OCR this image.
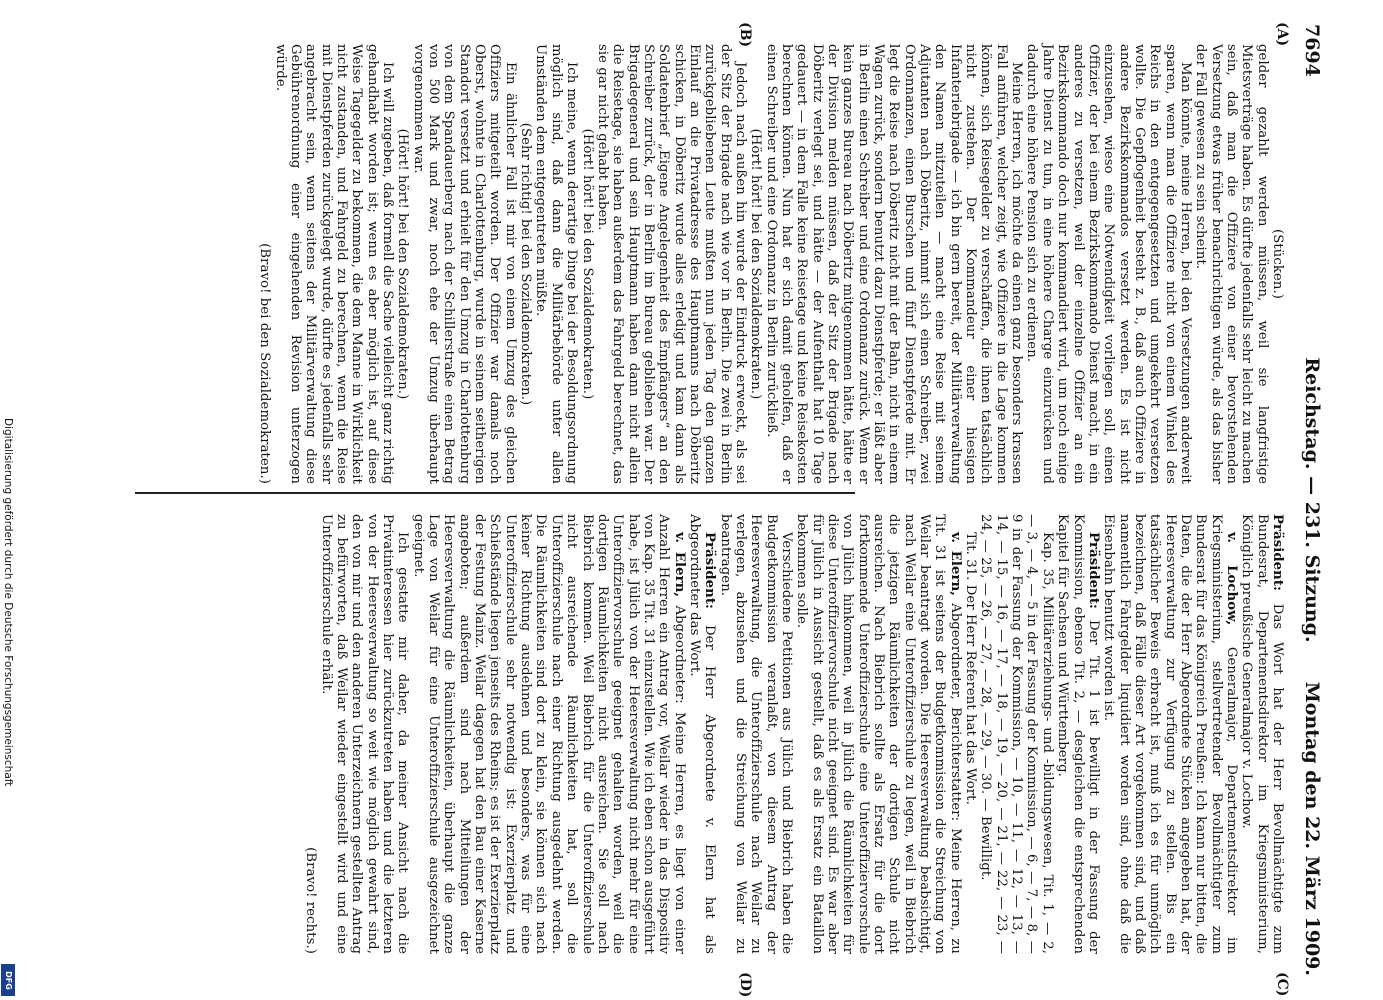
7694
Reichstag. — 231. Sitzung.
Montag den 22. März 1909.
(A)
(B)
(C)
(D)

(Stücken.)

gelder gezahlt werden müssen, weil sie langfristige Mietsverträge haben. Es dürfte jedenfalls sehr leicht zu machen sein, daß man die Offiziere von einer bevorstehenden Versetzung etwas früher benachrichtigen würde, als das bisher der Fall gewesen zu sein scheint.

Man könnte, meine Herren, bei den Versetzungen anderweit sparen, wenn man die Offiziere nicht von einem Winkel des Reichs in den entgegengesetzten und umgekehrt versetzen wollte. Die Gepflogenheit besteht z. B., daß auch Offiziere in andere Bezirkskommandos versetzt werden. Es ist nicht einzusehen, wieso eine Notwendigkeit vorliegen soll, einen Offizier, der bei einem Bezirkskommando Dienst macht, in ein anderes zu versetzen, weil der einzelne Offizier an ein Bezirkskommando doch nur kommandiert wird, um noch einige Jahre Dienst zu tun, in eine höhere Charge einzurücken und dadurch eine höhere Pension sich zu erdienen.

Meine Herren, ich möchte da einen ganz besonders krassen Fall anführen, welcher zeigt, wie Offiziere in die Lage kommen können, sich Reisegelder zu verschaffen, die ihnen tatsächlich nicht zustehen. Der Kommandeur einer hiesigen Infanteriebrigade — ich bin gern bereit, der Militärverwaltung den Namen mitzuteilen — macht eine Reise mit seinem Adjutanten nach Döberitz, nimmt sich einen Schreiber, zwei Ordonnanzen, einen Burschen und fünf Dienstpferde mit. Er legt die Reise nach Döberitz nicht mit der Bahn, nicht in einem Wagen zurück, sondern benutzt dazu Dienstpferde; er läßt aber in Berlin einen Schreiber und eine Ordonnanz zurück. Wenn er kein ganzes Bureau nach Döberitz mitgenommen hätte, hätte er der Division melden müssen, daß der Sitz der Brigade nach Döberitz verlegt sei, und hätte — der Aufenthalt hat 10 Tage gedauert — in dem Falle keine Reisetage und keine Reisekosten berechnen können. Nun hat er sich damit geholfen, daß er einen Schreiber und eine Ordonnanz in Berlin zurückließ.

(Hört! hört! bei den Sozialdemokraten.)

Jedoch nach außen hin wurde der Eindruck erweckt, als sei der Sitz der Brigade nach wie vor in Berlin. Die zwei in Berlin zurückgebliebenen Leute mußten nun jeden Tag den ganzen Einlauf an die Privatadresse des Hauptmanns nach Döberitz schicken, in Döberitz wurde alles erledigt und kam dann als Soldatenbrief „Eigene Angelegenheit des Empfängers“ an den Schreiber zurück, der in Berlin im Bureau geblieben war. Der Brigadegeneral und sein Hauptmann haben dann nicht allein die Reisetage, sie haben außerdem das Fahrgeld berechnet, das sie gar nicht gehabt haben.

(Hört! hört! bei den Sozialdemokraten.)

Ich meine, wenn derartige Dinge bei der Besoldungsordnung möglich sind, daß dann die Militärbehörde unter allen Umständen dem entgegentreten müßte.

(Sehr richtig! bei den Sozialdemokraten.)

Ein ähnlicher Fall ist mir von einem Umzug des gleichen Offiziers mitgeteilt worden. Der Offizier war damals noch Oberst, wohnte in Charlottenburg, wurde in seinem seitherigen Standort versetzt und erhielt für den Umzug in Charlottenburg von dem Spandauerberg nach der Schillerstraße einen Betrag von 500 Mark und zwar, noch ehe der Umzug überhaupt vorgenommen war.

(Hört! hört! bei den Sozialdemokraten.)

Ich will zugeben, daß formell die Sache vielleicht ganz richtig gehandhabt worden ist; wenn es aber möglich ist, auf diese Weise Tagegelder zu bekommen, die dem Manne in Wirklichkeit nicht zustanden, und Fahrgeld zu berechnen, wenn die Reise mit Dienstpferden zurückgelegt wurde, dürfte es jedenfalls sehr angebracht sein, wenn seitens der Militärverwaltung diese Gebührenordnung einer eingehenden Revision unterzogen würde.

(Bravo! bei den Sozialdemokraten.)

Präsident: Das Wort hat der Herr Bevollmächtigte zum Bundesrat, Departementsdirektor im Kriegsministerium, Königlich preußische Generalmajor v. Lochow.

v. Lochow, Generalmajor, Departementsdirektor im Kriegsministerium, stellvertretender Bevollmächtigter zum Bundesrat für das Königreich Preußen: Ich kann nur bitten, die Daten, die der Herr Abgeordnete Stücken angegeben hat, der Heeresverwaltung zur Verfügung zu stellen. Bis ein tatsächlicher Beweis erbracht ist, muß ich es für unmöglich bezeichnen, daß Fälle dieser Art vorgekommen sind, und daß namentlich Fahrgelder liquidiert worden sind, ohne daß die Eisenbahn benutzt worden ist.

Präsident: Der Tit. 1 ist bewilligt in der Fassung der Kommission, ebenso Tit. 2, — desgleichen die entsprechenden Kapitel für Sachsen und Württemberg.

Kap. 35, Militärerziehungs- und -bildungswesen, Tit. 1, — 2, — 3, — 4, — 5 in der Fassung der Kommission, — 6, — 7, — 8, — 9 in der Fassung der Kommission, — 10, — 11, — 12, — 13, — 14, — 15, — 16, — 17, — 18, — 19, — 20, — 21, — 22, — 23, — 24, — 25, — 26, — 27, — 28, — 29, — 30. — Bewilligt.

Tit. 31. Der Herr Referent hat das Wort.

v. Elern, Abgeordneter, Berichterstatter: Meine Herren, zu Tit. 31 ist seitens der Budgetkommission die Streichung von Weilar beantragt worden. Die Heeresverwaltung beabsichtigt, nach Weilar eine Unteroffizierschule zu legen, weil in Biebrich die jetzigen Räumlichkeiten der dortigen Schule nicht ausreichen. Nach Biebrich sollte als Ersatz für die dort fortkommende Unteroffizierschule eine Unteroffiziervorschule von Jülich hinkommen, weil in Jülich die Räumlichkeiten für diese Unteroffiziervorschule nicht geeignet sind. Es war aber für Jülich in Aussicht gestellt, daß es als Ersatz ein Bataillon bekommen solle.

Verschiedene Petitionen aus Jülich und Biebrich haben die Budgetkommission veranlaßt, von diesem Antrag der Heeresverwaltung, die Unteroffizierschule nach Weilar zu verlegen, abzusehen und die Streichung von Weilar zu beantragen.

Präsident: Der Herr Abgeordnete v. Elern hat als Abgeordneter das Wort.

v. Elern, Abgeordneter: Meine Herren, es liegt von einer Anzahl Herren ein Antrag vor, Weilar wieder in das Dispositiv von Kap. 35 Tit. 31 einzustellen. Wie ich eben schon ausgeführt habe, ist Jülich von der Heeresverwaltung nicht mehr für eine Unteroffiziervorschule geeignet gehalten worden, weil die dortigen Räumlichkeiten nicht ausreichen. Sie soll nach Biebrich kommen. Weil Biebrich für die Unteroffizierschule nicht ausreichende Räumlichkeiten hat, soll die Unteroffizierschule nach einer Richtung ausgedehnt werden. Die Räumlichkeiten sind dort zu klein, sie können sich nach keiner Richtung ausdehnen und besonders, was für eine Unteroffizierschule sehr notwendig ist: Exerzierplatz und Schießstände liegen jenseits des Rheins; es ist der Exerzierplatz der Festung Mainz. Weilar dagegen hat den Bau einer Kaserne angeboten; außerdem sind nach Mitteilungen der Heeresverwaltung die Räumlichkeiten, überhaupt die ganze Lage von Weilar für eine Unteroffizierschule ausgezeichnet geeignet.

Ich gestatte mir daher, da meiner Ansicht nach die Privatinteressen hier zurückzutreten haben und die letzteren von der Heeresverwaltung so weit wie möglich gewahrt sind, den von mir und den anderen Unterzeichnern gestellten Antrag zu befürworten, daß Weilar wieder eingestellt wird und eine Unteroffizierschule erhält.

(Bravo! rechts.)

Digitalisierung gefördert durch die Deutsche Forschungsgemeinschaft
DFG
